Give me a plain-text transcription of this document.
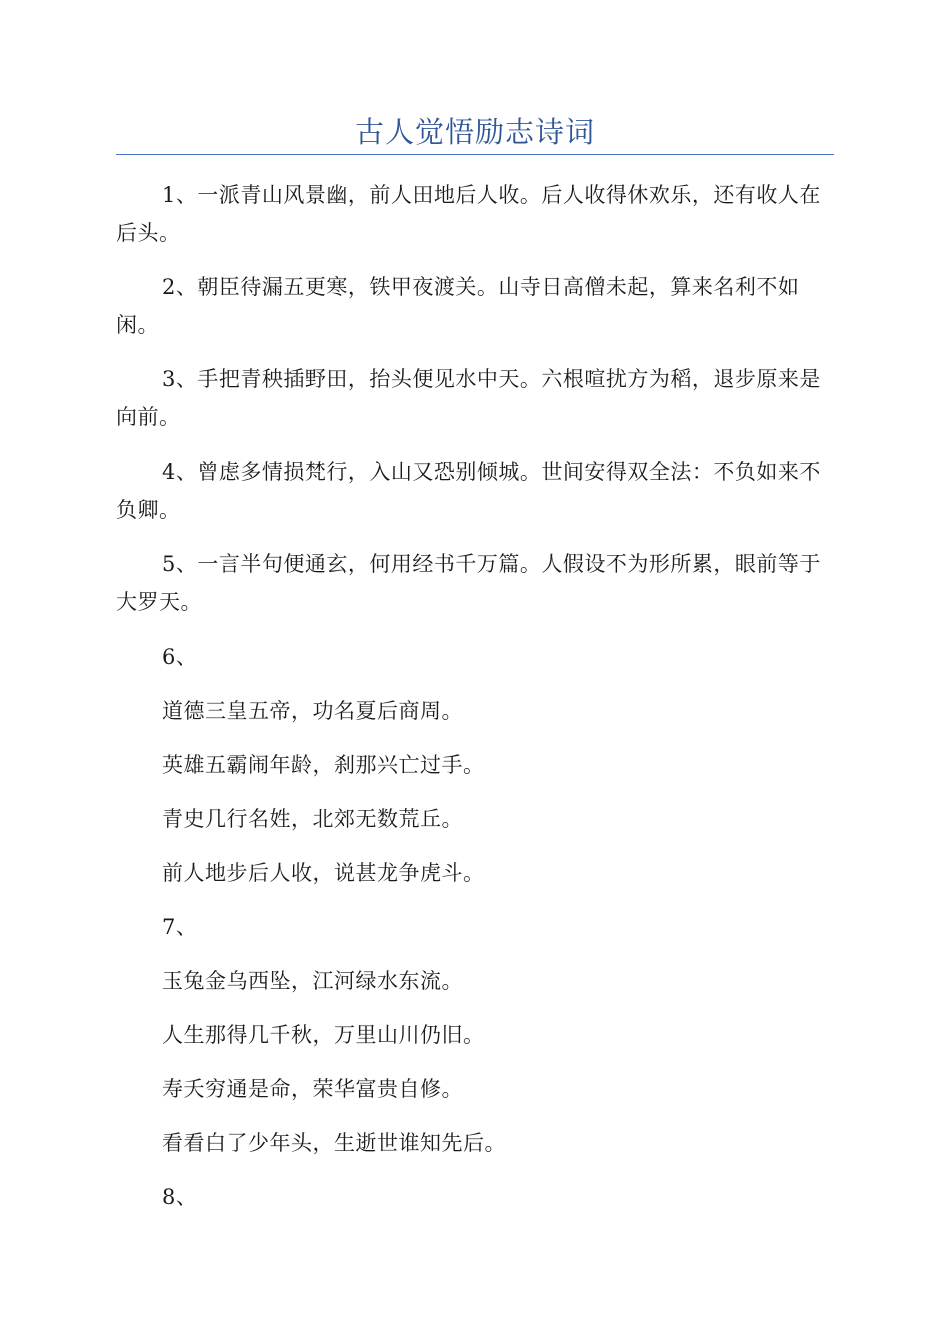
古人觉悟励志诗词

1、一派青山风景幽，前人田地后人收。后人收得休欢乐，还有收人在后头。

2、朝臣待漏五更寒，铁甲夜渡关。山寺日高僧未起，算来名利不如闲。

3、手把青秧插野田，抬头便见水中天。六根喧扰方为稻，退步原来是向前。

4、曾虑多情损梵行，入山又恐别倾城。世间安得双全法：不负如来不负卿。

5、一言半句便通玄，何用经书千万篇。人假设不为形所累，眼前等于大罗天。

6、

道德三皇五帝，功名夏后商周。

英雄五霸闹年龄，刹那兴亡过手。

青史几行名姓，北郊无数荒丘。

前人地步后人收，说甚龙争虎斗。

7、

玉兔金乌西坠，江河绿水东流。

人生那得几千秋，万里山川仍旧。

寿夭穷通是命，荣华富贵自修。

看看白了少年头，生逝世谁知先后。

8、
